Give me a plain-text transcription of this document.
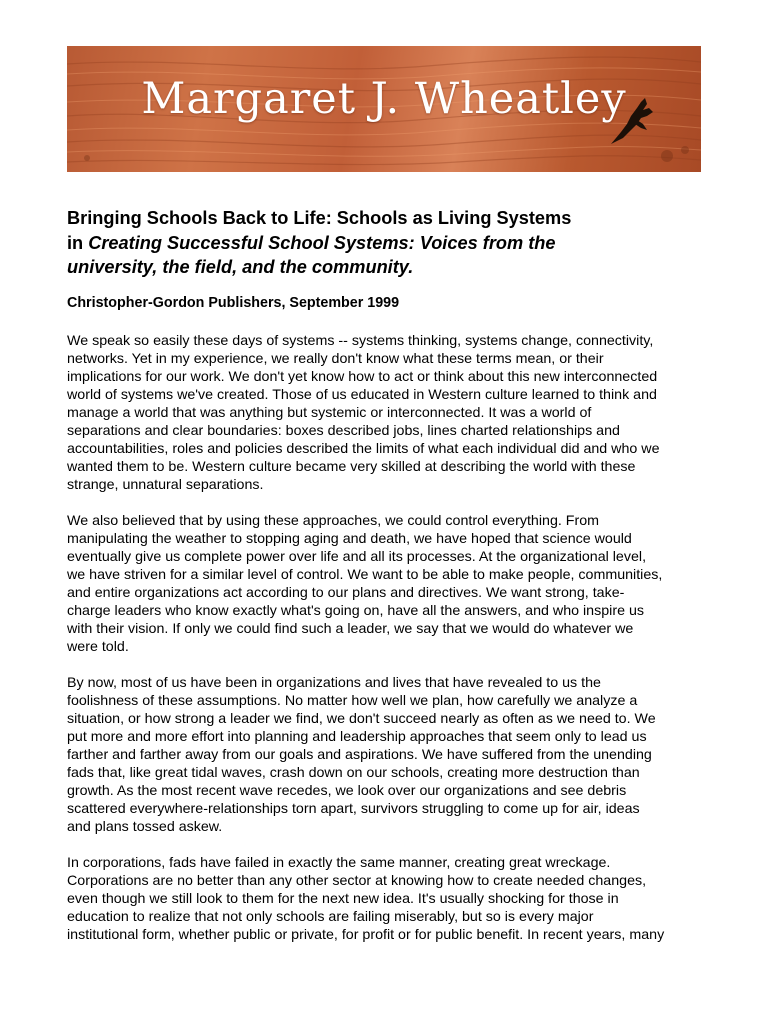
Margaret J. Wheatley
Bringing Schools Back to Life: Schools as Living Systems
in Creating Successful School Systems: Voices from the
university, the field, and the community.
Christopher-Gordon Publishers, September 1999

We speak so easily these days of systems -- systems thinking, systems change, connectivity,
networks. Yet in my experience, we really don't know what these terms mean, or their
implications for our work. We don't yet know how to act or think about this new interconnected
world of systems we've created. Those of us educated in Western culture learned to think and
manage a world that was anything but systemic or interconnected. It was a world of
separations and clear boundaries: boxes described jobs, lines charted relationships and
accountabilities, roles and policies described the limits of what each individual did and who we
wanted them to be. Western culture became very skilled at describing the world with these
strange, unnatural separations.

We also believed that by using these approaches, we could control everything. From
manipulating the weather to stopping aging and death, we have hoped that science would
eventually give us complete power over life and all its processes. At the organizational level,
we have striven for a similar level of control. We want to be able to make people, communities,
and entire organizations act according to our plans and directives. We want strong, take-
charge leaders who know exactly what's going on, have all the answers, and who inspire us
with their vision. If only we could find such a leader, we say that we would do whatever we
were told.

By now, most of us have been in organizations and lives that have revealed to us the
foolishness of these assumptions. No matter how well we plan, how carefully we analyze a
situation, or how strong a leader we find, we don't succeed nearly as often as we need to. We
put more and more effort into planning and leadership approaches that seem only to lead us
farther and farther away from our goals and aspirations. We have suffered from the unending
fads that, like great tidal waves, crash down on our schools, creating more destruction than
growth. As the most recent wave recedes, we look over our organizations and see debris
scattered everywhere-relationships torn apart, survivors struggling to come up for air, ideas
and plans tossed askew.

In corporations, fads have failed in exactly the same manner, creating great wreckage.
Corporations are no better than any other sector at knowing how to create needed changes,
even though we still look to them for the next new idea. It's usually shocking for those in
education to realize that not only schools are failing miserably, but so is every major
institutional form, whether public or private, for profit or for public benefit. In recent years, many
